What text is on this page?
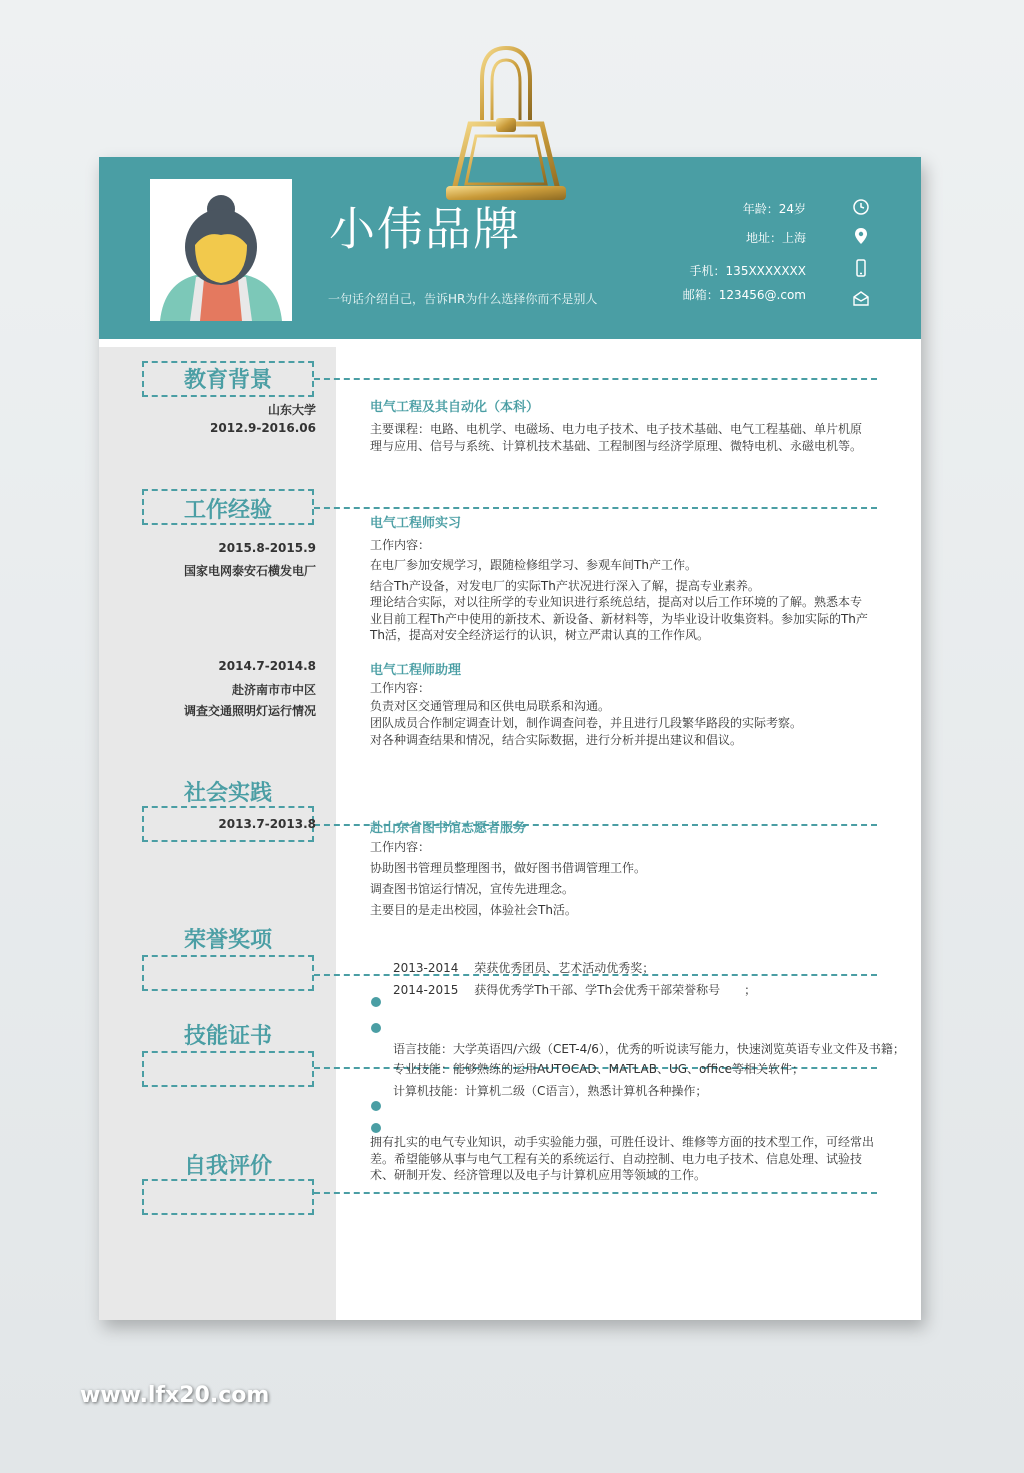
小伟品牌
一句话介绍自己，告诉HR为什么选择你而不是别人
年龄：24岁
地址：上海
手机：135XXXXXXX
邮箱：123456@.com
教育背景
山东大学
2012.9-2016.06
电气工程及其自动化（本科）
主要课程：电路、电机学、电磁场、电力电子技术、电子技术基础、电气工程基础、单片机原理与应用、信号与系统、计算机技术基础、工程制图与经济学原理、微特电机、永磁电机等。
工作经验
2015.8-2015.9
国家电网泰安石横发电厂
电气工程师实习
工作内容：
在电厂参加安规学习，跟随检修组学习、参观车间Th产工作。
结合Th产设备，对发电厂的实际Th产状况进行深入了解，提高专业素养。
理论结合实际，对以往所学的专业知识进行系统总结，提高对以后工作环境的了解。熟悉本专业目前工程Th产中使用的新技术、新设备、新材料等，为毕业设计收集资料。参加实际的Th产Th活，提高对安全经济运行的认识，树立严肃认真的工作作风。
2014.7-2014.8
赴济南市市中区
调查交通照明灯运行情况
电气工程师助理
工作内容：
负责对区交通管理局和区供电局联系和沟通。
团队成员合作制定调查计划，制作调查问卷，并且进行几段繁华路段的实际考察。
对各种调查结果和情况，结合实际数据，进行分析并提出建议和倡议。
社会实践
2013.7-2013.8	赴山东省图书馆志愿者服务
工作内容：
协助图书管理员整理图书，做好图书借调管理工作。
调查图书馆运行情况，宣传先进理念。
主要目的是走出校园，体验社会Th活。
荣誉奖项
2013-2014　 荣获优秀团员、艺术活动优秀奖；
2014-2015　 获得优秀学Th干部、学Th会优秀干部荣誉称号　　；
技能证书	语言技能：大学英语四/六级（CET-4/6），优秀的听说读写能力，快速浏览英语专业文件及书籍；
专业技能：能够熟练的运用AUTOCAD、MATLAB、UG、office等相关软件；
计算机技能：计算机二级（C语言），熟悉计算机各种操作；
自我评价
拥有扎实的电气专业知识，动手实验能力强，可胜任设计、维修等方面的技术型工作，可经常出差。希望能够从事与电气工程有关的系统运行、自动控制、电力电子技术、信息处理、试验技术、研制开发、经济管理以及电子与计算机应用等领域的工作。
www.lfx20.com
